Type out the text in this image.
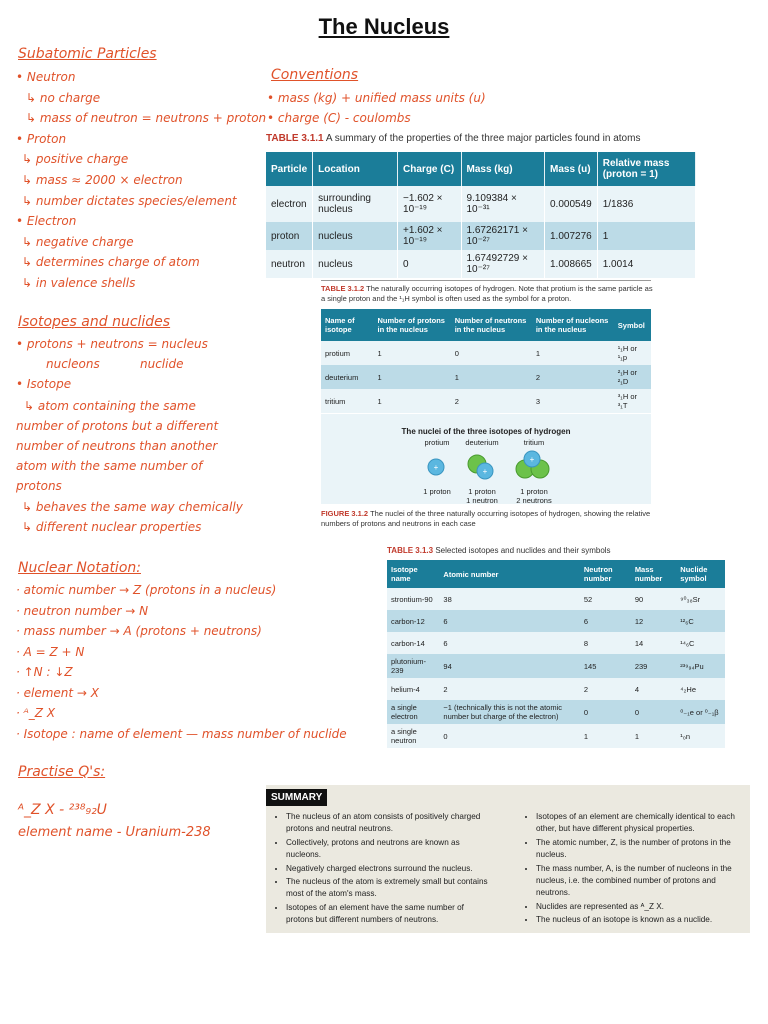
The Nucleus
Subatomic Particles
• Neutron
↳ no charge
↳ mass of neutron = neutrons + proton
• Proton
↳ positive charge
↳ mass ≈ 2000 × electron
↳ number dictates species/element
• Electron
↳ negative charge
↳ determines charge of atom
↳ in valence shells
Isotopes and nuclides
• protons + neutrons = nucleus
nucleons	nuclide
• Isotope
↳ atom containing the same
number of protons but a different
number of neutrons than another
atom with the same number of
protons
↳ behaves the same way chemically
↳ different nuclear properties
Nuclear Notation:
· atomic number → Z (protons in a nucleus)
· neutron number → N
· mass number → A (protons + neutrons)
· A = Z + N
· ↑N : ↓Z
· element → X
· ᴬ_Z X
· Isotope : name of element — mass number of nuclide
Practise Q's:
ᴬ_Z X - ²³⁸₉₂U
element name - Uranium-238
Conventions
• mass (kg) + unified mass units (u)
• charge (C) - coulombs
TABLE 3.1.1 A summary of the properties of the three major particles found in atoms
Particle	Location	Charge (C)	Mass (kg)	Mass (u)	Relative mass (proton = 1)
electron	surrounding nucleus	−1.602 × 10⁻¹⁹	9.109384 × 10⁻³¹	0.000549	1/1836
proton	nucleus	+1.602 × 10⁻¹⁹	1.67262171 × 10⁻²⁷	1.007276	1
neutron	nucleus	0	1.67492729 × 10⁻²⁷	1.008665	1.0014
TABLE 3.1.2 The naturally occurring isotopes of hydrogen. Note that protium is the same particle as a single proton and the ¹₁H symbol is often used as the symbol for a proton.
Name of isotope	Number of protons in the nucleus	Number of neutrons in the nucleus	Number of nucleons in the nucleus	Symbol
protium	1	0	1	¹₁H or ¹₁p
deuterium	1	1	2	²₁H or ²₁D
tritium	1	2	3	³₁H or ³₁T
The nuclei of the three isotopes of hydrogen
protium	deuterium	tritium
+	+
+
1 proton	1 proton
1 neutron
1 proton
2 neutrons
FIGURE 3.1.2 The nuclei of the three naturally occurring isotopes of hydrogen, showing the relative numbers of protons and neutrons in each case
TABLE 3.1.3 Selected isotopes and nuclides and their symbols
Isotope name	Atomic number	Neutron number	Mass number	Nuclide symbol
strontium-90	38	52	90	⁹⁰₃₈Sr
carbon-12	6	6	12	¹²₆C
carbon-14	6	8	14	¹⁴₆C
plutonium-239	94	145	239	²³⁹₉₄Pu
helium-4	2	2	4	⁴₂He
a single electron	−1 (technically this is not the atomic number but charge of the electron)	0	0	⁰₋₁e or ⁰₋₁β
a single neutron	0	1	1	¹₀n
SUMMARY
• The nucleus of an atom consists of positively charged protons and neutral neutrons.
• Collectively, protons and neutrons are known as nucleons.
• Negatively charged electrons surround the nucleus.
• The nucleus of the atom is extremely small but contains most of the atom's mass.
• Isotopes of an element have the same number of protons but different numbers of neutrons.
• Isotopes of an element are chemically identical to each other, but have different physical properties.
• The atomic number, Z, is the number of protons in the nucleus.
• The mass number, A, is the number of nucleons in the nucleus, i.e. the combined number of protons and neutrons.
• Nuclides are represented as ᴬ_Z X.
• The nucleus of an isotope is known as a nuclide.
